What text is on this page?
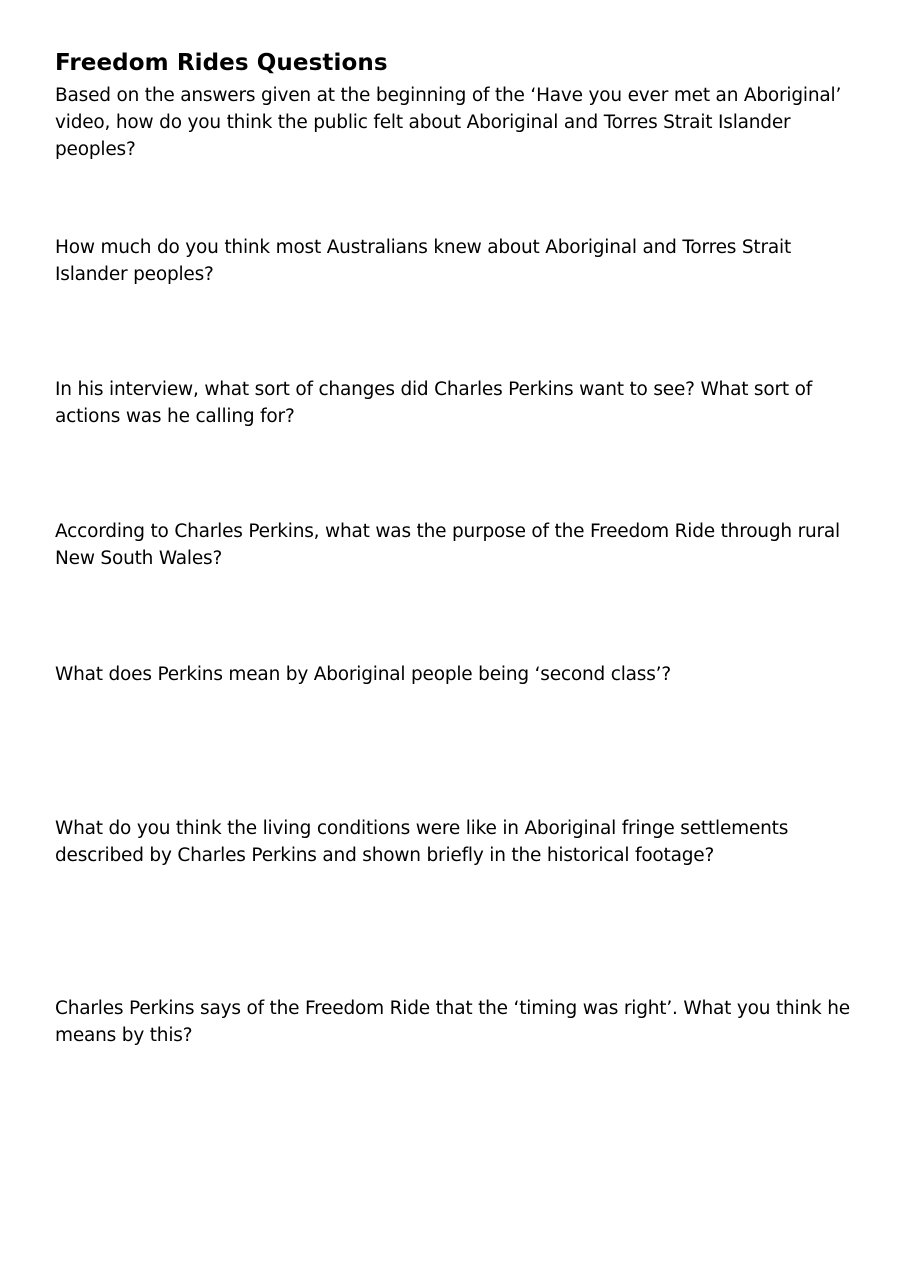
Freedom Rides Questions

Based on the answers given at the beginning of the ‘Have you ever met an Aboriginal’ video, how do you think the public felt about Aboriginal and Torres Strait Islander peoples?

How much do you think most Australians knew about Aboriginal and Torres Strait Islander peoples?

In his interview, what sort of changes did Charles Perkins want to see? What sort of actions was he calling for?

According to Charles Perkins, what was the purpose of the Freedom Ride through rural New South Wales?

What does Perkins mean by Aboriginal people being ‘second class’?

What do you think the living conditions were like in Aboriginal fringe settlements described by Charles Perkins and shown briefly in the historical footage?

Charles Perkins says of the Freedom Ride that the ‘timing was right’. What you think he means by this?
